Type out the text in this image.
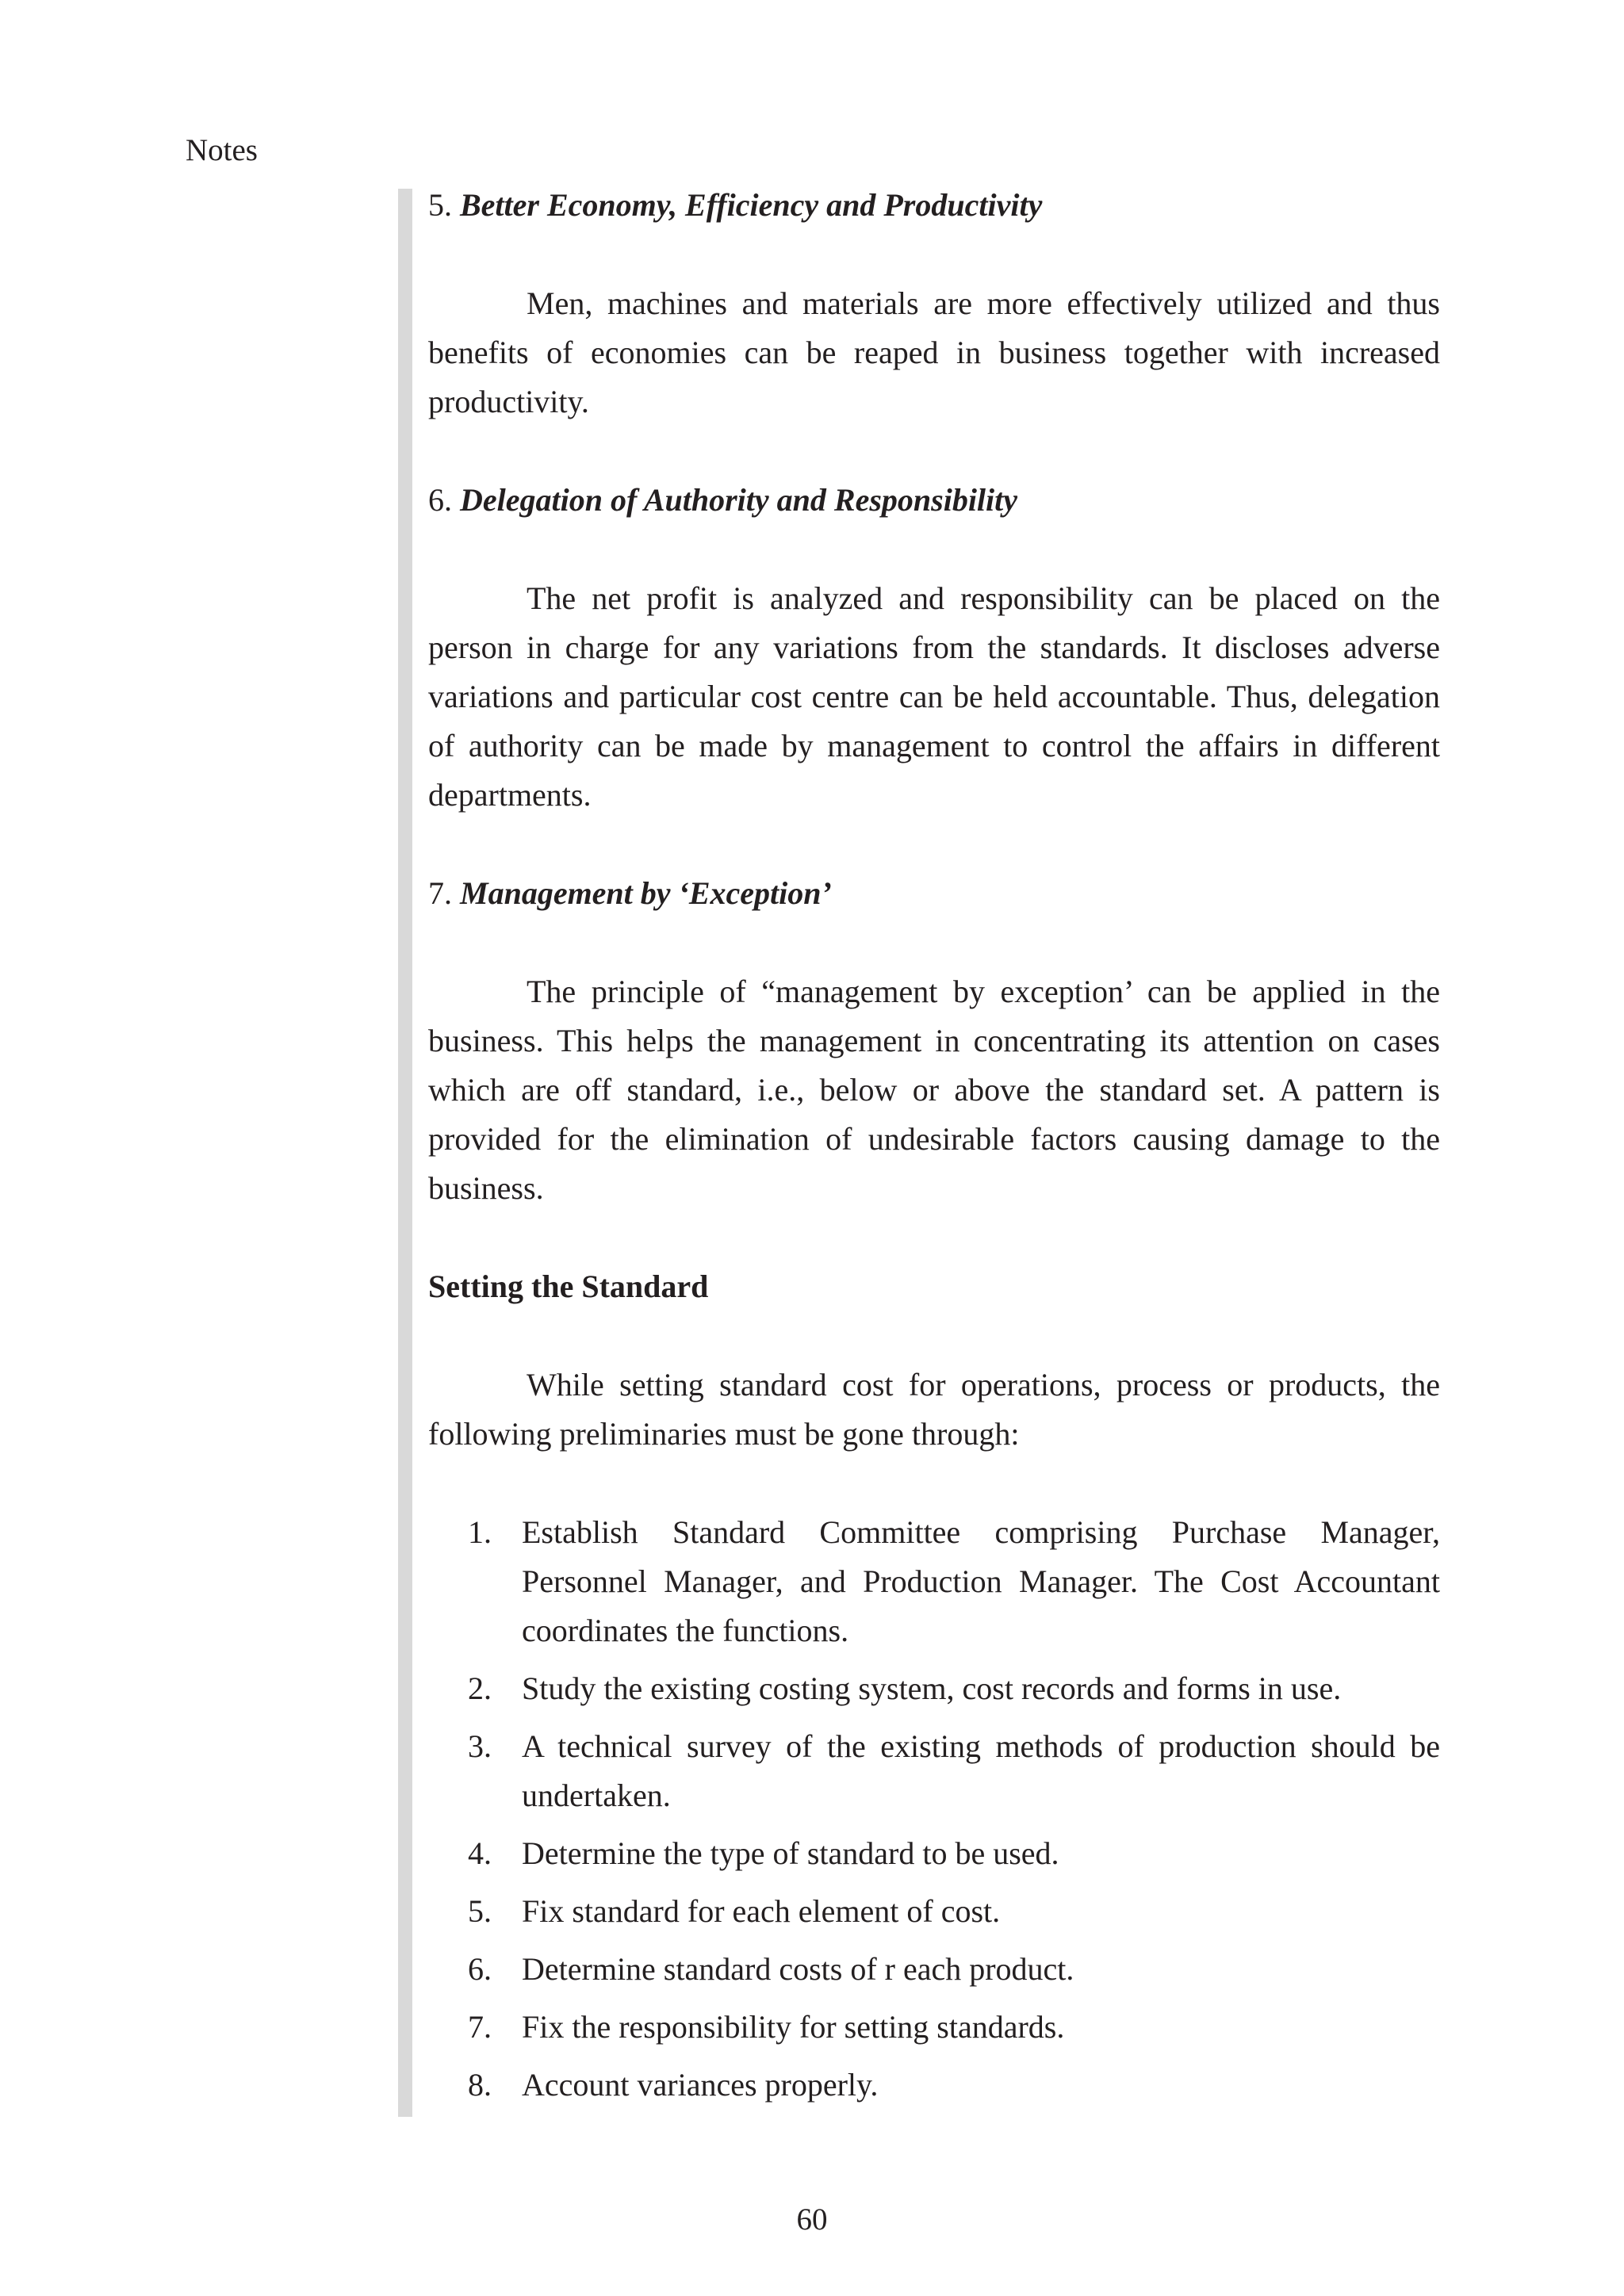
Notes

5. Better Economy, Efficiency and Productivity

Men, machines and materials are more effectively utilized and thus benefits of economies can be reaped in business together with increased productivity.

6. Delegation of Authority and Responsibility

The net profit is analyzed and responsibility can be placed on the person in charge for any variations from the standards. It discloses adverse variations and particular cost centre can be held accountable. Thus, delegation of authority can be made by management to control the affairs in different departments.

7. Management by ‘Exception’

The principle of “management by exception’ can be applied in the business. This helps the management in concentrating its attention on cases which are off standard, i.e., below or above the standard set. A pattern is provided for the elimination of undesirable factors causing damage to the business.

Setting the Standard

While setting standard cost for operations, process or products, the following preliminaries must be gone through:

1. Establish Standard Committee comprising Purchase Manager, Personnel Manager, and Production Manager. The Cost Accountant coordinates the functions.
2. Study the existing costing system, cost records and forms in use.
3. A technical survey of the existing methods of production should be undertaken.
4. Determine the type of standard to be used.
5. Fix standard for each element of cost.
6. Determine standard costs of r each product.
7. Fix the responsibility for setting standards.
8. Account variances properly.
60
